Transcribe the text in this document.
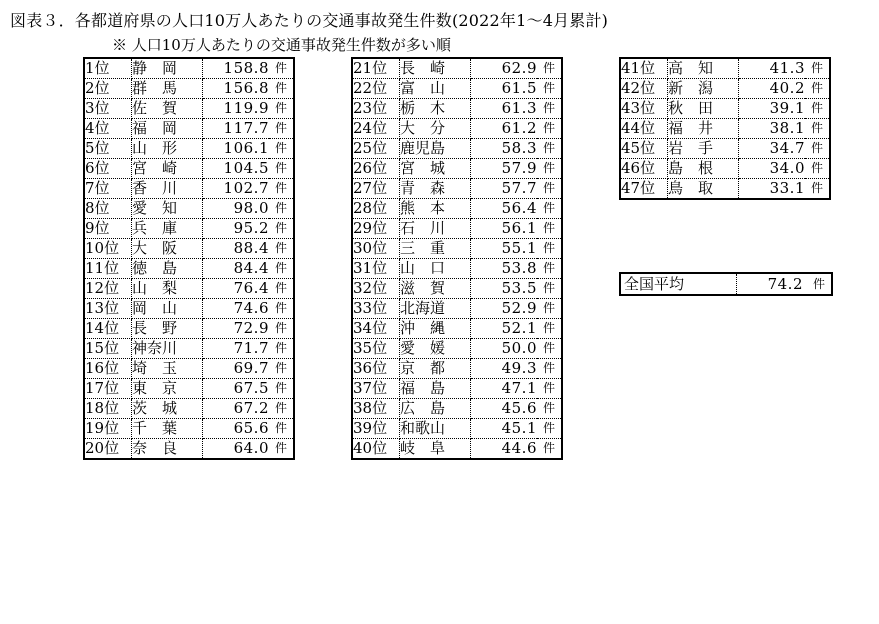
図表３．各都道府県の人口10万人あたりの交通事故発生件数(2022年1～4月累計)
※ 人口10万人あたりの交通事故発生件数が多い順
1位	静　岡	158.8	件
2位	群　馬	156.8	件
3位	佐　賀	119.9	件
4位	福　岡	117.7	件
5位	山　形	106.1	件
6位	宮　崎	104.5	件
7位	香　川	102.7	件
8位	愛　知	98.0	件
9位	兵　庫	95.2	件
10位	大　阪	88.4	件
11位	徳　島	84.4	件
12位	山　梨	76.4	件
13位	岡　山	74.6	件
14位	長　野	72.9	件
15位	神奈川	71.7	件
16位	埼　玉	69.7	件
17位	東　京	67.5	件
18位	茨　城	67.2	件
19位	千　葉	65.6	件
20位	奈　良	64.0	件
21位	長　崎	62.9	件
22位	富　山	61.5	件
23位	栃　木	61.3	件
24位	大　分	61.2	件
25位	鹿児島	58.3	件
26位	宮　城	57.9	件
27位	青　森	57.7	件
28位	熊　本	56.4	件
29位	石　川	56.1	件
30位	三　重	55.1	件
31位	山　口	53.8	件
32位	滋　賀	53.5	件
33位	北海道	52.9	件
34位	沖　縄	52.1	件
35位	愛　媛	50.0	件
36位	京　都	49.3	件
37位	福　島	47.1	件
38位	広　島	45.6	件
39位	和歌山	45.1	件
40位	岐　阜	44.6	件
41位	高　知	41.3	件
42位	新　潟	40.2	件
43位	秋　田	39.1	件
44位	福　井	38.1	件
45位	岩　手	34.7	件
46位	島　根	34.0	件
47位	鳥　取	33.1	件
全国平均	74.2	件
